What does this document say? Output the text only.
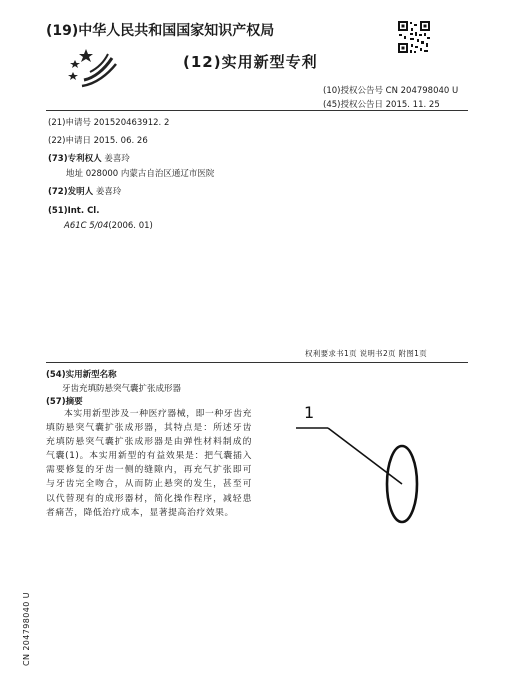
(19)中华人民共和国国家知识产权局
(12)实用新型专利
(10)授权公告号 CN 204798040 U
(45)授权公告日 2015. 11. 25
(21)申请号 201520463912. 2
(22)申请日 2015. 06. 26
(73)专利权人 姜喜玲
地址 028000 内蒙古自治区通辽市医院
(72)发明人 姜喜玲
(51)Int. Cl.
A61C 5/04(2006. 01)
权利要求书1页 说明书2页 附图1页
(54)实用新型名称
牙齿充填防悬突气囊扩张成形器
(57)摘要
本实用新型涉及一种医疗器械，即一种牙齿充填防悬突气囊扩张成形器，其特点是：所述牙齿充填防悬突气囊扩张成形器是由弹性材料制成的气囊(1)。本实用新型的有益效果是：把气囊插入需要修复的牙齿一侧的缝隙内，再充气扩张即可与牙齿完全吻合，从而防止悬突的发生，甚至可以代替现有的成形器材，简化操作程序，减轻患者痛苦，降低治疗成本，显著提高治疗效果。
1
CN 204798040 U
